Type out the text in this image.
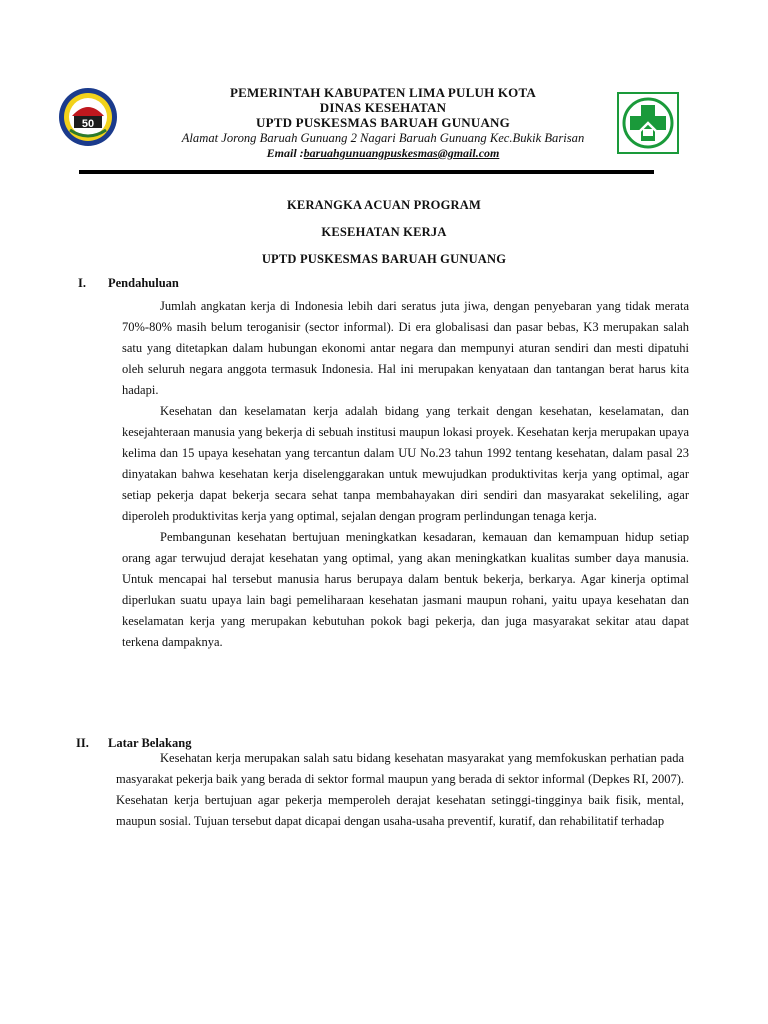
50
PEMERINTAH KABUPATEN LIMA PULUH KOTA
DINAS KESEHATAN
UPTD PUSKESMAS BARUAH GUNUANG
Alamat Jorong Baruah Gunuang 2 Nagari Baruah Gunuang Kec.Bukik Barisan
Email :baruahgunuangpuskesmas@gmail.com
KERANGKA ACUAN PROGRAM
KESEHATAN KERJA
UPTD PUSKESMAS BARUAH GUNUANG
I. Pendahuluan

Jumlah angkatan kerja di Indonesia lebih dari seratus juta jiwa, dengan penyebaran yang tidak merata 70%-80% masih belum teroganisir (sector informal). Di era globalisasi dan pasar bebas, K3 merupakan salah satu yang ditetapkan dalam hubungan ekonomi antar negara dan mempunyi aturan sendiri dan mesti dipatuhi oleh seluruh negara anggota termasuk Indonesia. Hal ini merupakan kenyataan dan tantangan berat harus kita hadapi.

Kesehatan dan keselamatan kerja adalah bidang yang terkait dengan kesehatan, keselamatan, dan kesejahteraan manusia yang bekerja di sebuah institusi maupun lokasi proyek. Kesehatan kerja merupakan upaya kelima dan 15 upaya kesehatan yang tercantun dalam UU No.23 tahun 1992 tentang kesehatan, dalam pasal 23 dinyatakan bahwa kesehatan kerja diselenggarakan untuk mewujudkan produktivitas kerja yang optimal, agar setiap pekerja dapat bekerja secara sehat tanpa membahayakan diri sendiri dan masyarakat sekeliling, agar diperoleh produktivitas kerja yang optimal, sejalan dengan program perlindungan tenaga kerja.

Pembangunan kesehatan bertujuan meningkatkan kesadaran, kemauan dan kemampuan hidup setiap orang agar terwujud derajat kesehatan yang optimal, yang akan meningkatkan kualitas sumber daya manusia. Untuk mencapai hal tersebut manusia harus berupaya dalam bentuk bekerja, berkarya. Agar kinerja optimal diperlukan suatu upaya lain bagi pemeliharaan kesehatan jasmani maupun rohani, yaitu upaya kesehatan dan keselamatan kerja yang merupakan kebutuhan pokok bagi pekerja, dan juga masyarakat sekitar atau dapat terkena dampaknya.

II. Latar Belakang

Kesehatan kerja merupakan salah satu bidang kesehatan masyarakat yang memfokuskan perhatian pada masyarakat pekerja baik yang berada di sektor formal maupun yang berada di sektor informal (Depkes RI, 2007). Kesehatan kerja bertujuan agar pekerja memperoleh derajat kesehatan setinggi-tingginya baik fisik, mental, maupun sosial. Tujuan tersebut dapat dicapai dengan usaha-usaha preventif, kuratif, dan rehabilitatif terhadap
